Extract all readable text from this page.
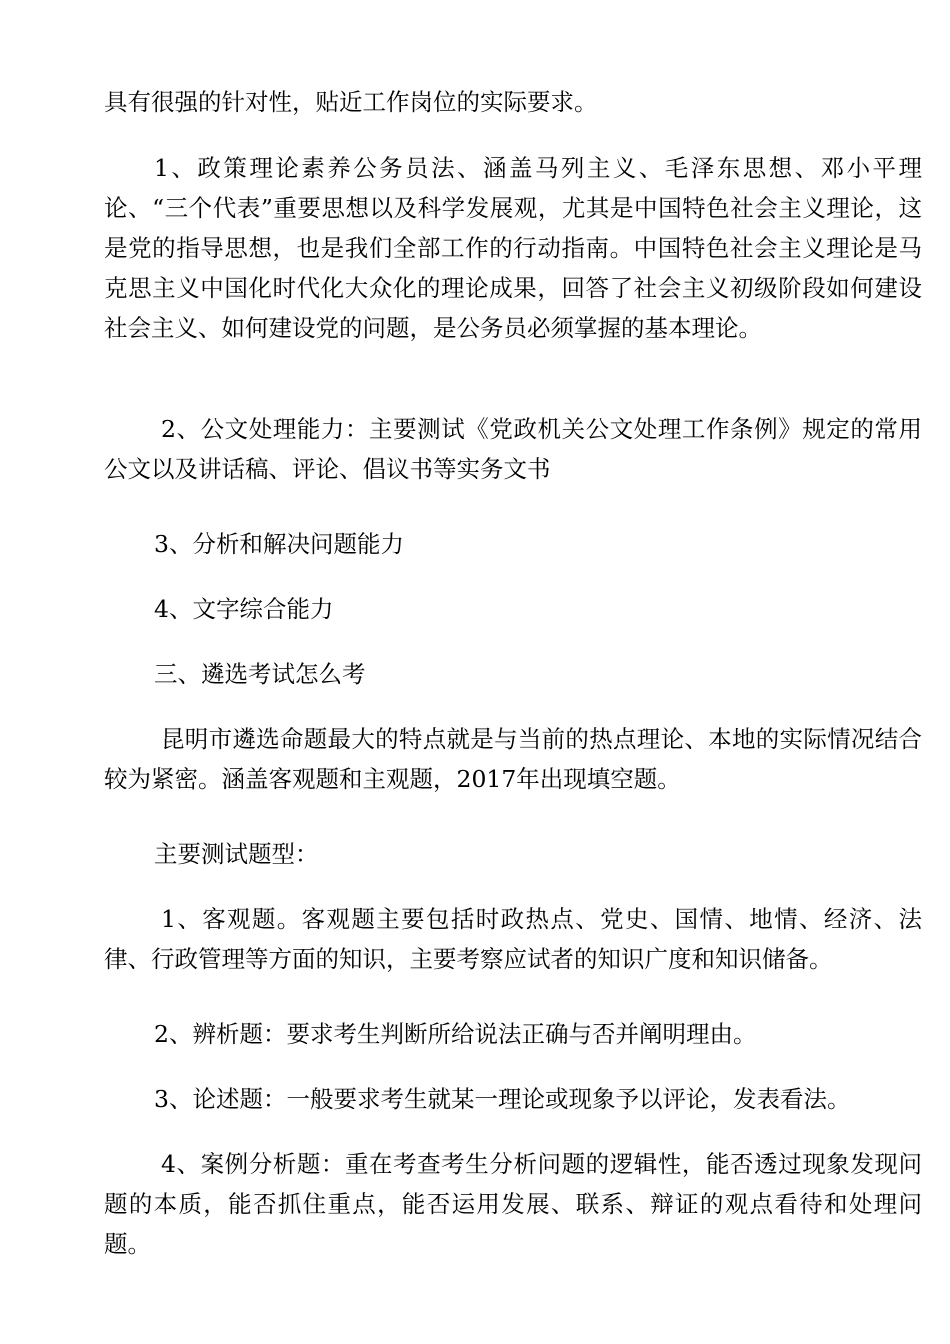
具有很强的针对性，贴近工作岗位的实际要求。

1、政策理论素养公务员法、涵盖马列主义、毛泽东思想、邓小平理论、“三个代表”重要思想以及科学发展观，尤其是中国特色社会主义理论，这是党的指导思想，也是我们全部工作的行动指南。中国特色社会主义理论是马克思主义中国化时代化大众化的理论成果，回答了社会主义初级阶段如何建设社会主义、如何建设党的问题，是公务员必须掌握的基本理论。

2、公文处理能力：主要测试《党政机关公文处理工作条例》规定的常用公文以及讲话稿、评论、倡议书等实务文书

3、分析和解决问题能力

4、文字综合能力

三、遴选考试怎么考

昆明市遴选命题最大的特点就是与当前的热点理论、本地的实际情况结合较为紧密。涵盖客观题和主观题，2017年出现填空题。

主要测试题型：

1、客观题。客观题主要包括时政热点、党史、国情、地情、经济、法律、行政管理等方面的知识，主要考察应试者的知识广度和知识储备。

2、辨析题：要求考生判断所给说法正确与否并阐明理由。

3、论述题：一般要求考生就某一理论或现象予以评论，发表看法。

4、案例分析题：重在考查考生分析问题的逻辑性，能否透过现象发现问题的本质，能否抓住重点，能否运用发展、联系、辩证的观点看待和处理问题。
